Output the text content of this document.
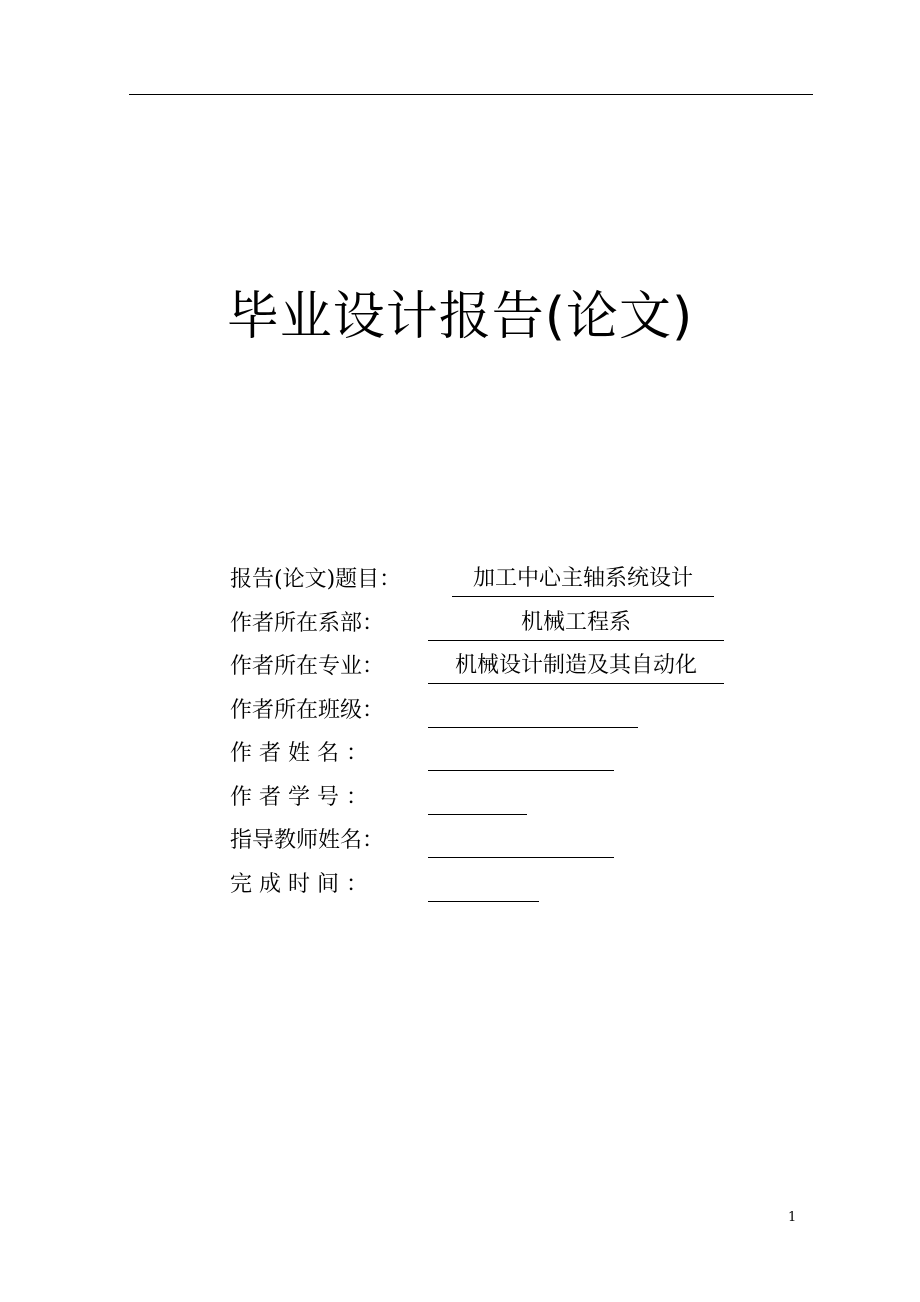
毕业设计报告(论文)
报告(论文)题目：	加工中心主轴系统设计
作者所在系部：	机械工程系
作者所在专业：	机械设计制造及其自动化
作者所在班级：
作 者 姓 名 ：
作 者 学 号 ：
指导教师姓名：
完 成 时 间 ：
1
